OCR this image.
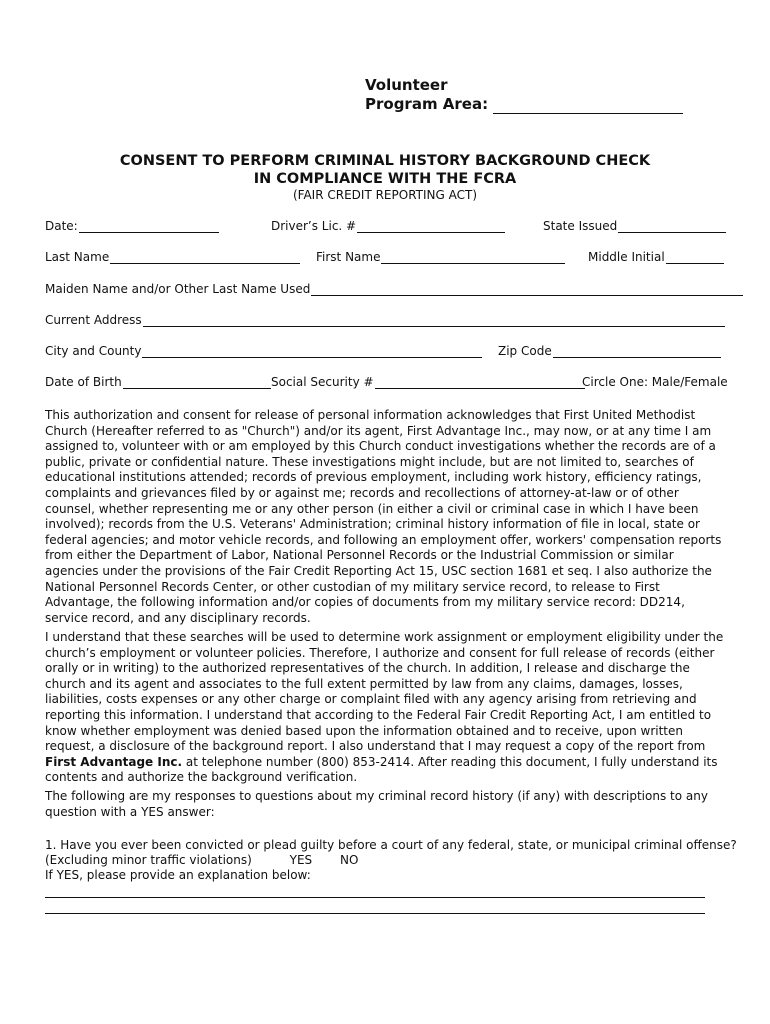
Volunteer
Program Area:
CONSENT TO PERFORM CRIMINAL HISTORY BACKGROUND CHECK
IN COMPLIANCE WITH THE FCRA
(FAIR CREDIT REPORTING ACT)
Date:	Driver’s Lic. #	State Issued
Last Name	First Name	Middle Initial
Maiden Name and/or Other Last Name Used
Current Address
City and County	Zip Code
Date of Birth	Social Security #	Circle One: Male/Female

This authorization and consent for release of personal information acknowledges that First United Methodist Church (Hereafter referred to as "Church") and/or its agent, First Advantage Inc., may now, or at any time I am assigned to, volunteer with or am employed by this Church conduct investigations whether the records are of a public, private or confidential nature. These investigations might include, but are not limited to, searches of educational institutions attended; records of previous employment, including work history, efficiency ratings, complaints and grievances filed by or against me; records and recollections of attorney-at-law or of other counsel, whether representing me or any other person (in either a civil or criminal case in which I have been involved); records from the U.S. Veterans' Administration; criminal history information of file in local, state or federal agencies; and motor vehicle records, and following an employment offer, workers' compensation reports from either the Department of Labor, National Personnel Records or the Industrial Commission or similar agencies under the provisions of the Fair Credit Reporting Act 15, USC section 1681 et seq. I also authorize the National Personnel Records Center, or other custodian of my military service record, to release to First Advantage, the following information and/or copies of documents from my military service record: DD214, service record, and any disciplinary records.

I understand that these searches will be used to determine work assignment or employment eligibility under the church’s employment or volunteer policies. Therefore, I authorize and consent for full release of records (either orally or in writing) to the authorized representatives of the church. In addition, I release and discharge the church and its agent and associates to the full extent permitted by law from any claims, damages, losses, liabilities, costs expenses or any other charge or complaint filed with any agency arising from retrieving and reporting this information. I understand that according to the Federal Fair Credit Reporting Act, I am entitled to know whether employment was denied based upon the information obtained and to receive, upon written request, a disclosure of the background report. I also understand that I may request a copy of the report from First Advantage Inc. at telephone number (800) 853-2414. After reading this document, I fully understand its contents and authorize the background verification.

The following are my responses to questions about my criminal record history (if any) with descriptions to any question with a YES answer:

1. Have you ever been convicted or plead guilty before a court of any federal, state, or municipal criminal offense?
(Excluding minor traffic violations)	YES NO
If YES, please provide an explanation below:
